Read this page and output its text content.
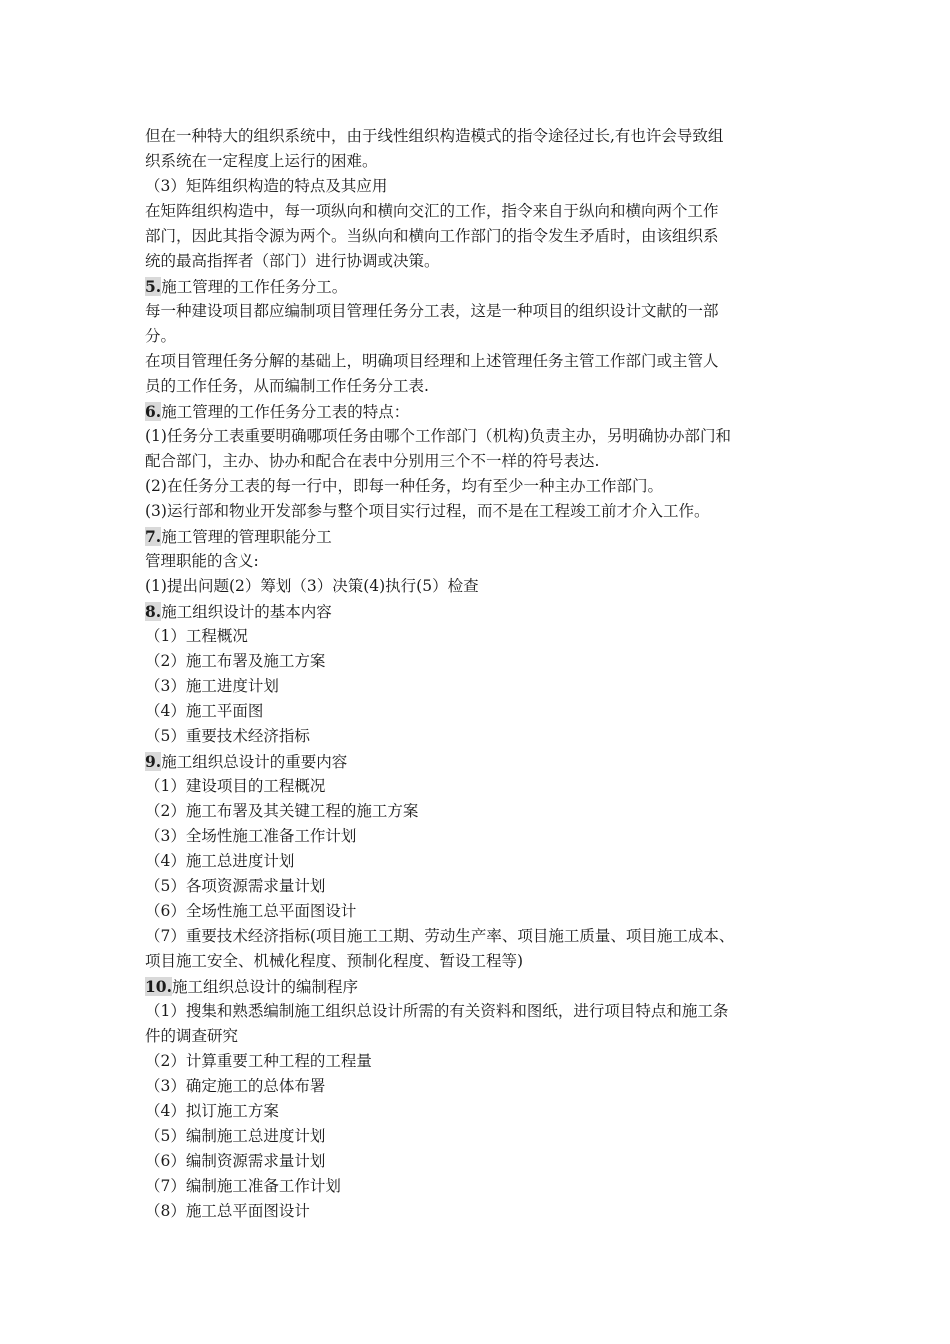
但在一种特大的组织系统中，由于线性组织构造模式的指令途径过长,有也许会导致组
织系统在一定程度上运行的困难。
（3）矩阵组织构造的特点及其应用
在矩阵组织构造中，每一项纵向和横向交汇的工作，指令来自于纵向和横向两个工作
部门，因此其指令源为两个。当纵向和横向工作部门的指令发生矛盾时，由该组织系
统的最高指挥者（部门）进行协调或决策。
5.施工管理的工作任务分工。
每一种建设项目都应编制项目管理任务分工表，这是一种项目的组织设计文献的一部
分。
在项目管理任务分解的基础上，明确项目经理和上述管理任务主管工作部门或主管人
员的工作任务，从而编制工作任务分工表.
6.施工管理的工作任务分工表的特点：
(1)任务分工表重要明确哪项任务由哪个工作部门（机构)负责主办，另明确协办部门和
配合部门，主办、协办和配合在表中分别用三个不一样的符号表达.
(2)在任务分工表的每一行中，即每一种任务，均有至少一种主办工作部门。
(3)运行部和物业开发部参与整个项目实行过程，而不是在工程竣工前才介入工作。
7.施工管理的管理职能分工
管理职能的含义:
(1)提出问题(2）筹划（3）决策(4)执行(5）检查
8.施工组织设计的基本内容
（1）工程概况
（2）施工布署及施工方案
（3）施工进度计划
（4）施工平面图
（5）重要技术经济指标
9.施工组织总设计的重要内容
（1）建设项目的工程概况
（2）施工布署及其关键工程的施工方案
（3）全场性施工准备工作计划
（4）施工总进度计划
（5）各项资源需求量计划
（6）全场性施工总平面图设计
（7）重要技术经济指标(项目施工工期、劳动生产率、项目施工质量、项目施工成本、
项目施工安全、机械化程度、预制化程度、暂设工程等)
10.施工组织总设计的编制程序
（1）搜集和熟悉编制施工组织总设计所需的有关资料和图纸，进行项目特点和施工条
件的调查研究
（2）计算重要工种工程的工程量
（3）确定施工的总体布署
（4）拟订施工方案
（5）编制施工总进度计划
（6）编制资源需求量计划
（7）编制施工准备工作计划
（8）施工总平面图设计
